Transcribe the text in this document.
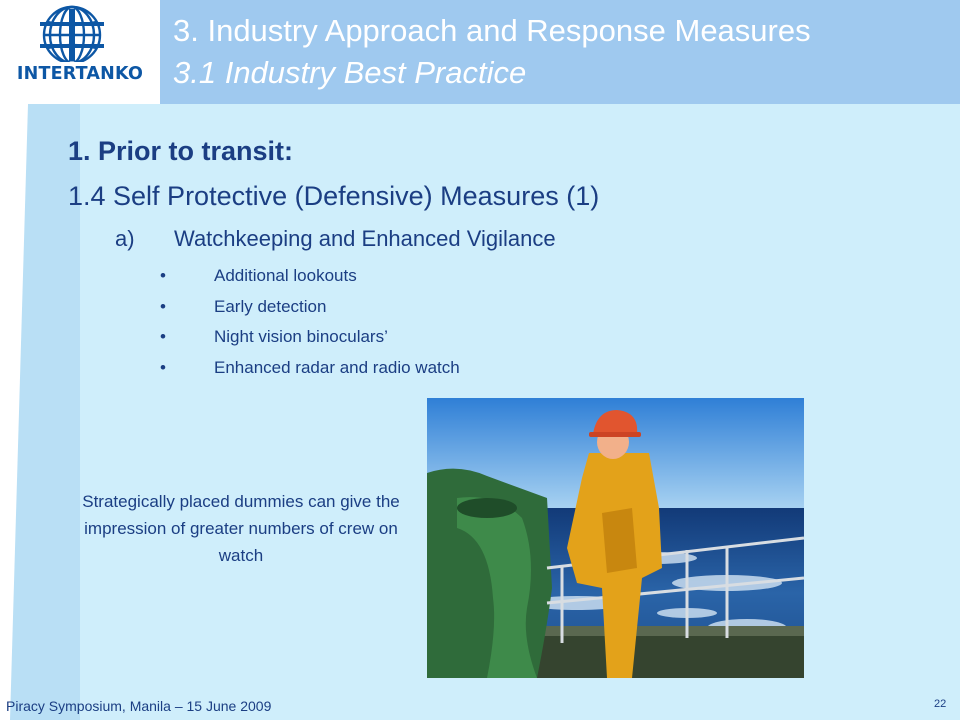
3. Industry Approach and Response Measures
3.1 Industry Best Practice
INTERTANKO
1. Prior to transit:
1.4 Self Protective (Defensive) Measures (1)
a) Watchkeeping and Enhanced Vigilance
•	Additional lookouts
•	Early detection
•	Night vision binoculars’
•	Enhanced radar and radio watch
Strategically placed dummies can give the impression of greater numbers of crew on watch
Piracy Symposium, Manila – 15 June 2009	22
